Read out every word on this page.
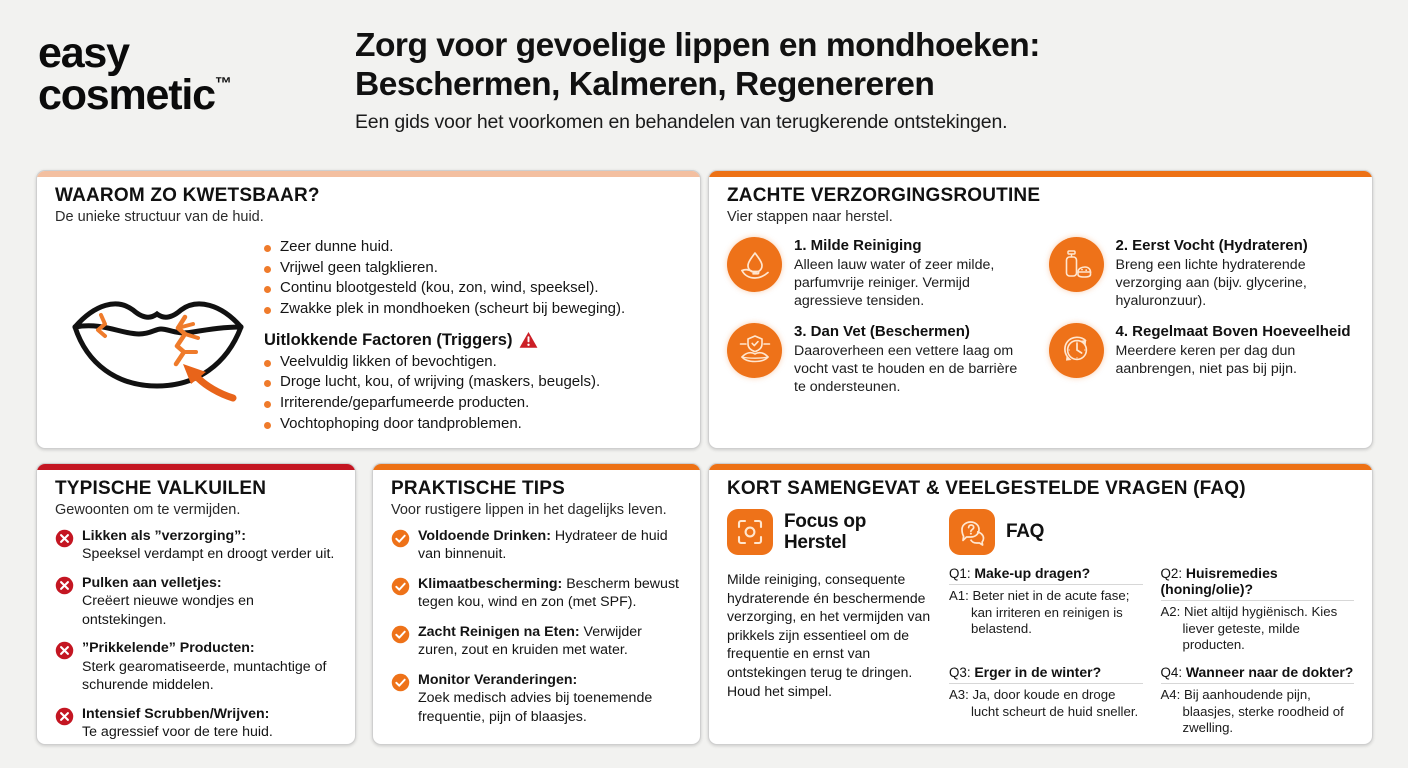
easy
cosmetic™
Zorg voor gevoelige lippen en mondhoeken:
Beschermen, Kalmeren, Regenereren
Een gids voor het voorkomen en behandelen van terugkerende ontstekingen.
WAAROM ZO KWETSBAAR?
De unieke structuur van de huid.
Zeer dunne huid.
Vrijwel geen talgklieren.
Continu blootgesteld (kou, zon, wind, speeksel).
Zwakke plek in mondhoeken (scheurt bij beweging).
Uitlokkende Factoren (Triggers)
Veelvuldig likken of bevochtigen.
Droge lucht, kou, of wrijving (maskers, beugels).
Irriterende/geparfumeerde producten.
Vochtophoping door tandproblemen.
ZACHTE VERZORGINGSROUTINE
Vier stappen naar herstel.
1. Milde Reiniging
Alleen lauw water of zeer milde, parfumvrije reiniger. Vermijd agressieve tensiden.
2. Eerst Vocht (Hydrateren)
Breng een lichte hydraterende verzorging aan (bijv. glycerine, hyaluronzuur).
3. Dan Vet (Beschermen)
Daaroverheen een vettere laag om vocht vast te houden en de barrière te ondersteunen.
4. Regelmaat Boven Hoeveelheid
Meerdere keren per dag dun aanbrengen, niet pas bij pijn.
TYPISCHE VALKUILEN
Gewoonten om te vermijden.
Likken als ”verzorging”:
Speeksel verdampt en droogt verder uit.
Pulken aan velletjes:
Creëert nieuwe wondjes en ontstekingen.
”Prikkelende” Producten:
Sterk gearomatiseerde, muntachtige of schurende middelen.
Intensief Scrubben/Wrijven:
Te agressief voor de tere huid.
PRAKTISCHE TIPS
Voor rustigere lippen in het dagelijks leven.
Voldoende Drinken: Hydrateer de huid van binnenuit.
Klimaatbescherming: Bescherm bewust tegen kou, wind en zon (met SPF).
Zacht Reinigen na Eten: Verwijder zuren, zout en kruiden met water.
Monitor Veranderingen:
Zoek medisch advies bij toenemende frequentie, pijn of blaasjes.
KORT SAMENGEVAT & VEELGESTELDE VRAGEN (FAQ)
Focus op Herstel

Milde reiniging, consequente hydraterende én beschermende verzorging, en het vermijden van prikkels zijn essentieel om de frequentie en ernst van ontstekingen terug te dringen. Houd het simpel.

FAQ
Q1: Make-up dragen?
A1: Beter niet in de acute fase; kan irriteren en reinigen is belastend.
Q2: Huisremedies (honing/olie)?
A2: Niet altijd hygiënisch. Kies liever geteste, milde producten.
Q3: Erger in de winter?
A3: Ja, door koude en droge lucht scheurt de huid sneller.
Q4: Wanneer naar de dokter?
A4: Bij aanhoudende pijn, blaasjes, sterke roodheid of zwelling.
